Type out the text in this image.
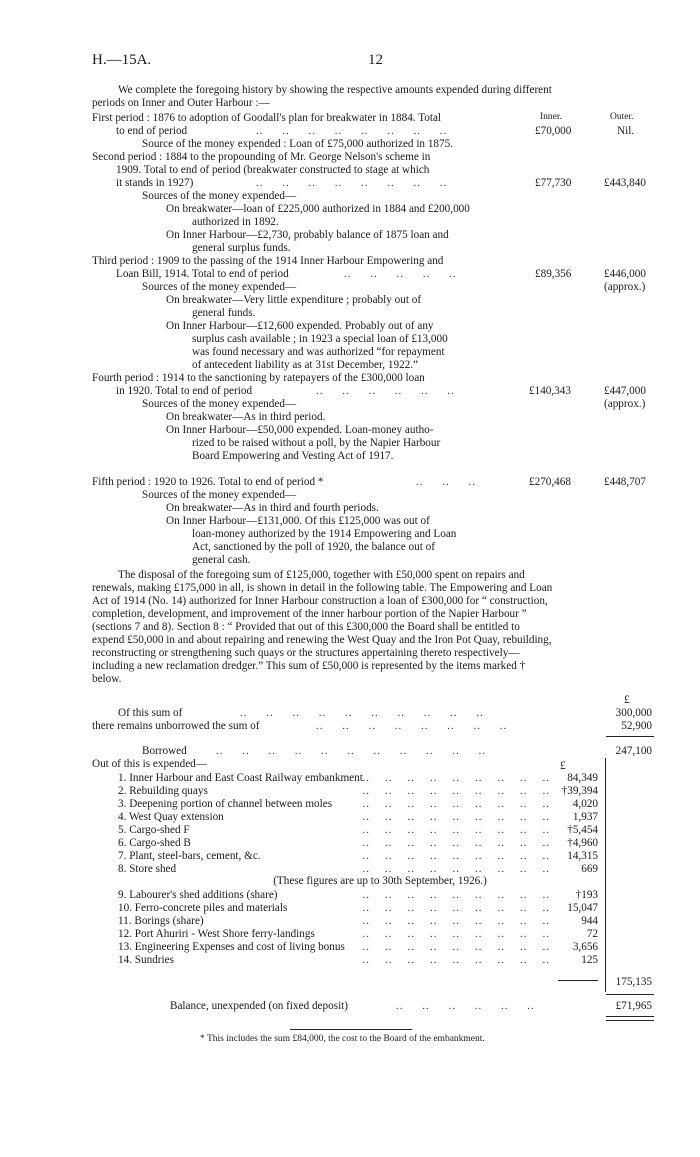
H.—15A.	12
We complete the foregoing history by showing the respective amounts expended during different
periods on Inner and Outer Harbour :—
Inner.	Outer.
First period : 1876 to adoption of Goodall's plan for breakwater in 1884. Total
to end of period	..     ..     ..     ..     ..     ..     ..     ..	£70,000	Nil.
Source of the money expended : Loan of £75,000 authorized in 1875.
Second period : 1884 to the propounding of Mr. George Nelson's scheme in
1909. Total to end of period (breakwater constructed to stage at which
it stands in 1927)	..     ..     ..     ..     ..     ..     ..     ..	£77,730	£443,840
Sources of the money expended—
On breakwater—loan of £225,000 authorized in 1884 and £200,000
authorized in 1892.
On Inner Harbour—£2,730, probably balance of 1875 loan and
general surplus funds.
Third period : 1909 to the passing of the 1914 Inner Harbour Empowering and
Loan Bill, 1914. Total to end of period	..     ..     ..     ..     ..	£89,356	£446,000
(approx.)
Sources of the money expended—
On breakwater—Very little expenditure ; probably out of
general funds.
On Inner Harbour—£12,600 expended. Probably out of any
surplus cash available ; in 1923 a special loan of £13,000
was found necessary and was authorized “for repayment
of antecedent liability as at 31st December, 1922.”
Fourth period : 1914 to the sanctioning by ratepayers of the £300,000 loan
in 1920. Total to end of period	..     ..     ..     ..     ..     ..	£140,343	£447,000
(approx.)
Sources of the money expended—
On breakwater—As in third period.
On Inner Harbour—£50,000 expended. Loan-money autho-
rized to be raised without a poll, by the Napier Harbour
Board Empowering and Vesting Act of 1917.
Fifth period : 1920 to 1926. Total to end of period *	..     ..     ..	£270,468	£448,707
Sources of the money expended—
On breakwater—As in third and fourth periods.
On Inner Harbour—£131,000. Of this £125,000 was out of
loan-money authorized by the 1914 Empowering and Loan
Act, sanctioned by the poll of 1920, the balance out of
general cash.
The disposal of the foregoing sum of £125,000, together with £50,000 spent on repairs and
renewals, making £175,000 in all, is shown in detail in the following table. The Empowering and Loan
Act of 1914 (No. 14) authorized for Inner Harbour construction a loan of £300,000 for “ construction,
completion, development, and improvement of the inner harbour portion of the Napier Harbour ”
(sections 7 and 8). Section 8 : “ Provided that out of this £300,000 the Board shall be entitled to
expend £50,000 in and about repairing and renewing the West Quay and the Iron Pot Quay, rebuilding,
reconstructing or strengthening such quays or the structures appertaining thereto respectively—
including a new reclamation dredger.” This sum of £50,000 is represented by the items marked †
below.
£
Of this sum of	..     ..     ..     ..     ..     ..     ..     ..     ..     ..	300,000
there remains unborrowed the sum of	..     ..     ..     ..     ..     ..     ..     ..	52,900
Borrowed	..     ..     ..     ..     ..     ..     ..     ..     ..     ..     ..	247,100
Out of this is expended—	£
1. Inner Harbour and East Coast Railway embankment ..    ..    ..    ..    ..    ..    ..    ..    ..	84,349
2. Rebuilding quays	..    ..    ..    ..    ..    ..    ..    ..    ..	†39,394
3. Deepening portion of channel between moles	..    ..    ..    ..    ..    ..    ..    ..    ..	4,020
4. West Quay extension	..    ..    ..    ..    ..    ..    ..    ..    ..	1,937
5. Cargo-shed F	..    ..    ..    ..    ..    ..    ..    ..    ..	†5,454
6. Cargo-shed B	..    ..    ..    ..    ..    ..    ..    ..    ..	†4,960
7. Plant, steel-bars, cement, &c.	..    ..    ..    ..    ..    ..    ..    ..    ..	14,315
8. Store shed	..    ..    ..    ..    ..    ..    ..    ..    ..	669
9. Labourer's shed additions (share)	..    ..    ..    ..    ..    ..    ..    ..    ..	†193
10. Ferro-concrete piles and materials	..    ..    ..    ..    ..    ..    ..    ..    ..	15,047
11. Borings (share)	..    ..    ..    ..    ..    ..    ..    ..    ..	944
12. Port Ahuriri - West Shore ferry-landings	..    ..    ..    ..    ..    ..    ..    ..    ..	72
13. Engineering Expenses and cost of living bonus ..    ..    ..    ..    ..    ..    ..    ..    ..	3,656
14. Sundries	..    ..    ..    ..    ..    ..    ..    ..    ..	125
(These figures are up to 30th September, 1926.)
175,135
Balance, unexpended (on fixed deposit)	..     ..     ..     ..     ..     ..	£71,965
* This includes the sum £84,000, the cost to the Board of the embankment.
